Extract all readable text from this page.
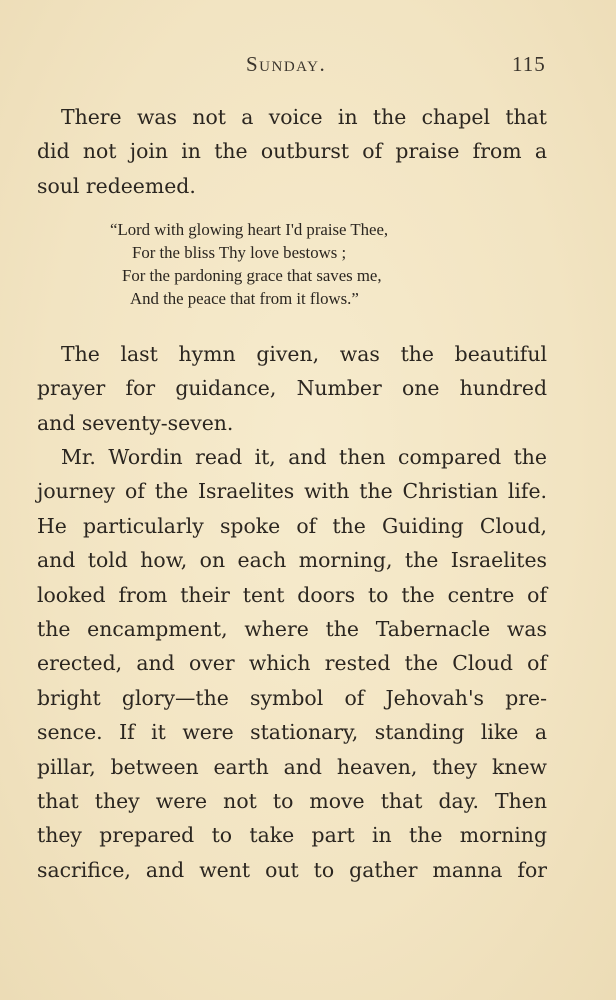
Sunday.	115
There was not a voice in the chapel that
did not join in the outburst of praise from a
soul redeemed.
“Lord with glowing heart I'd praise Thee,
For the bliss Thy love bestows ;
For the pardoning grace that saves me,
And the peace that from it flows.”
The last hymn given, was the beautiful
prayer for guidance, Number one hundred
and seventy-seven.
Mr. Wordin read it, and then compared the
journey of the Israelites with the Christian life.
He particularly spoke of the Guiding Cloud,
and told how, on each morning, the Israelites
looked from their tent doors to the centre of
the encampment, where the Tabernacle was
erected, and over which rested the Cloud of
bright glory—the symbol of Jehovah's pre-
sence. If it were stationary, standing like a
pillar, between earth and heaven, they knew
that they were not to move that day. Then
they prepared to take part in the morning
sacrifice, and went out to gather manna for
